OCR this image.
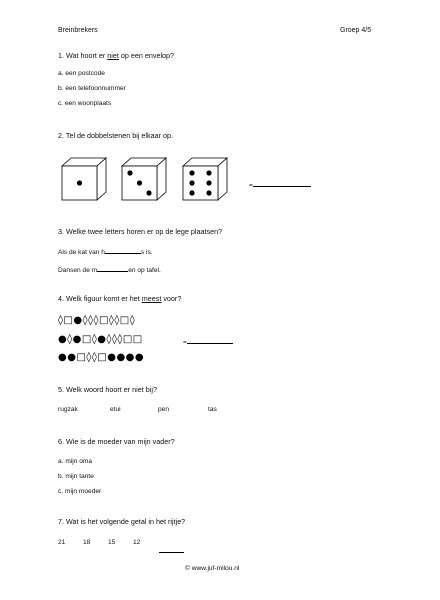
Breinbrekers	Groep 4/5
1. Wat hoort er niet op een envelop?
a. een postcode
b. een telefoonnummer
c. een woonplaats
2. Tel de dobbelstenen bij elkaar op.
=
3. Welke twee letters horen er op de lege plaatsen?
Als de kat van h	s is.
Dansen de m	en op tafel.
4. Welk figuur komt er het meest voor?
◊□●◊◊◊□◊◊□◊
●◊●□◊●◊◊◊□□
●●□◊◊□●●●●
=
5. Welk woord hoort er niet bij?
rugzak	etui	pen	tas
6. Wie is de moeder van mijn vader?
a. mijn oma
b. mijn tante
c. mijn moeder
7. Wat is het volgende getal in het rijtje?
21	18	15	12
© www.juf-milou.nl
